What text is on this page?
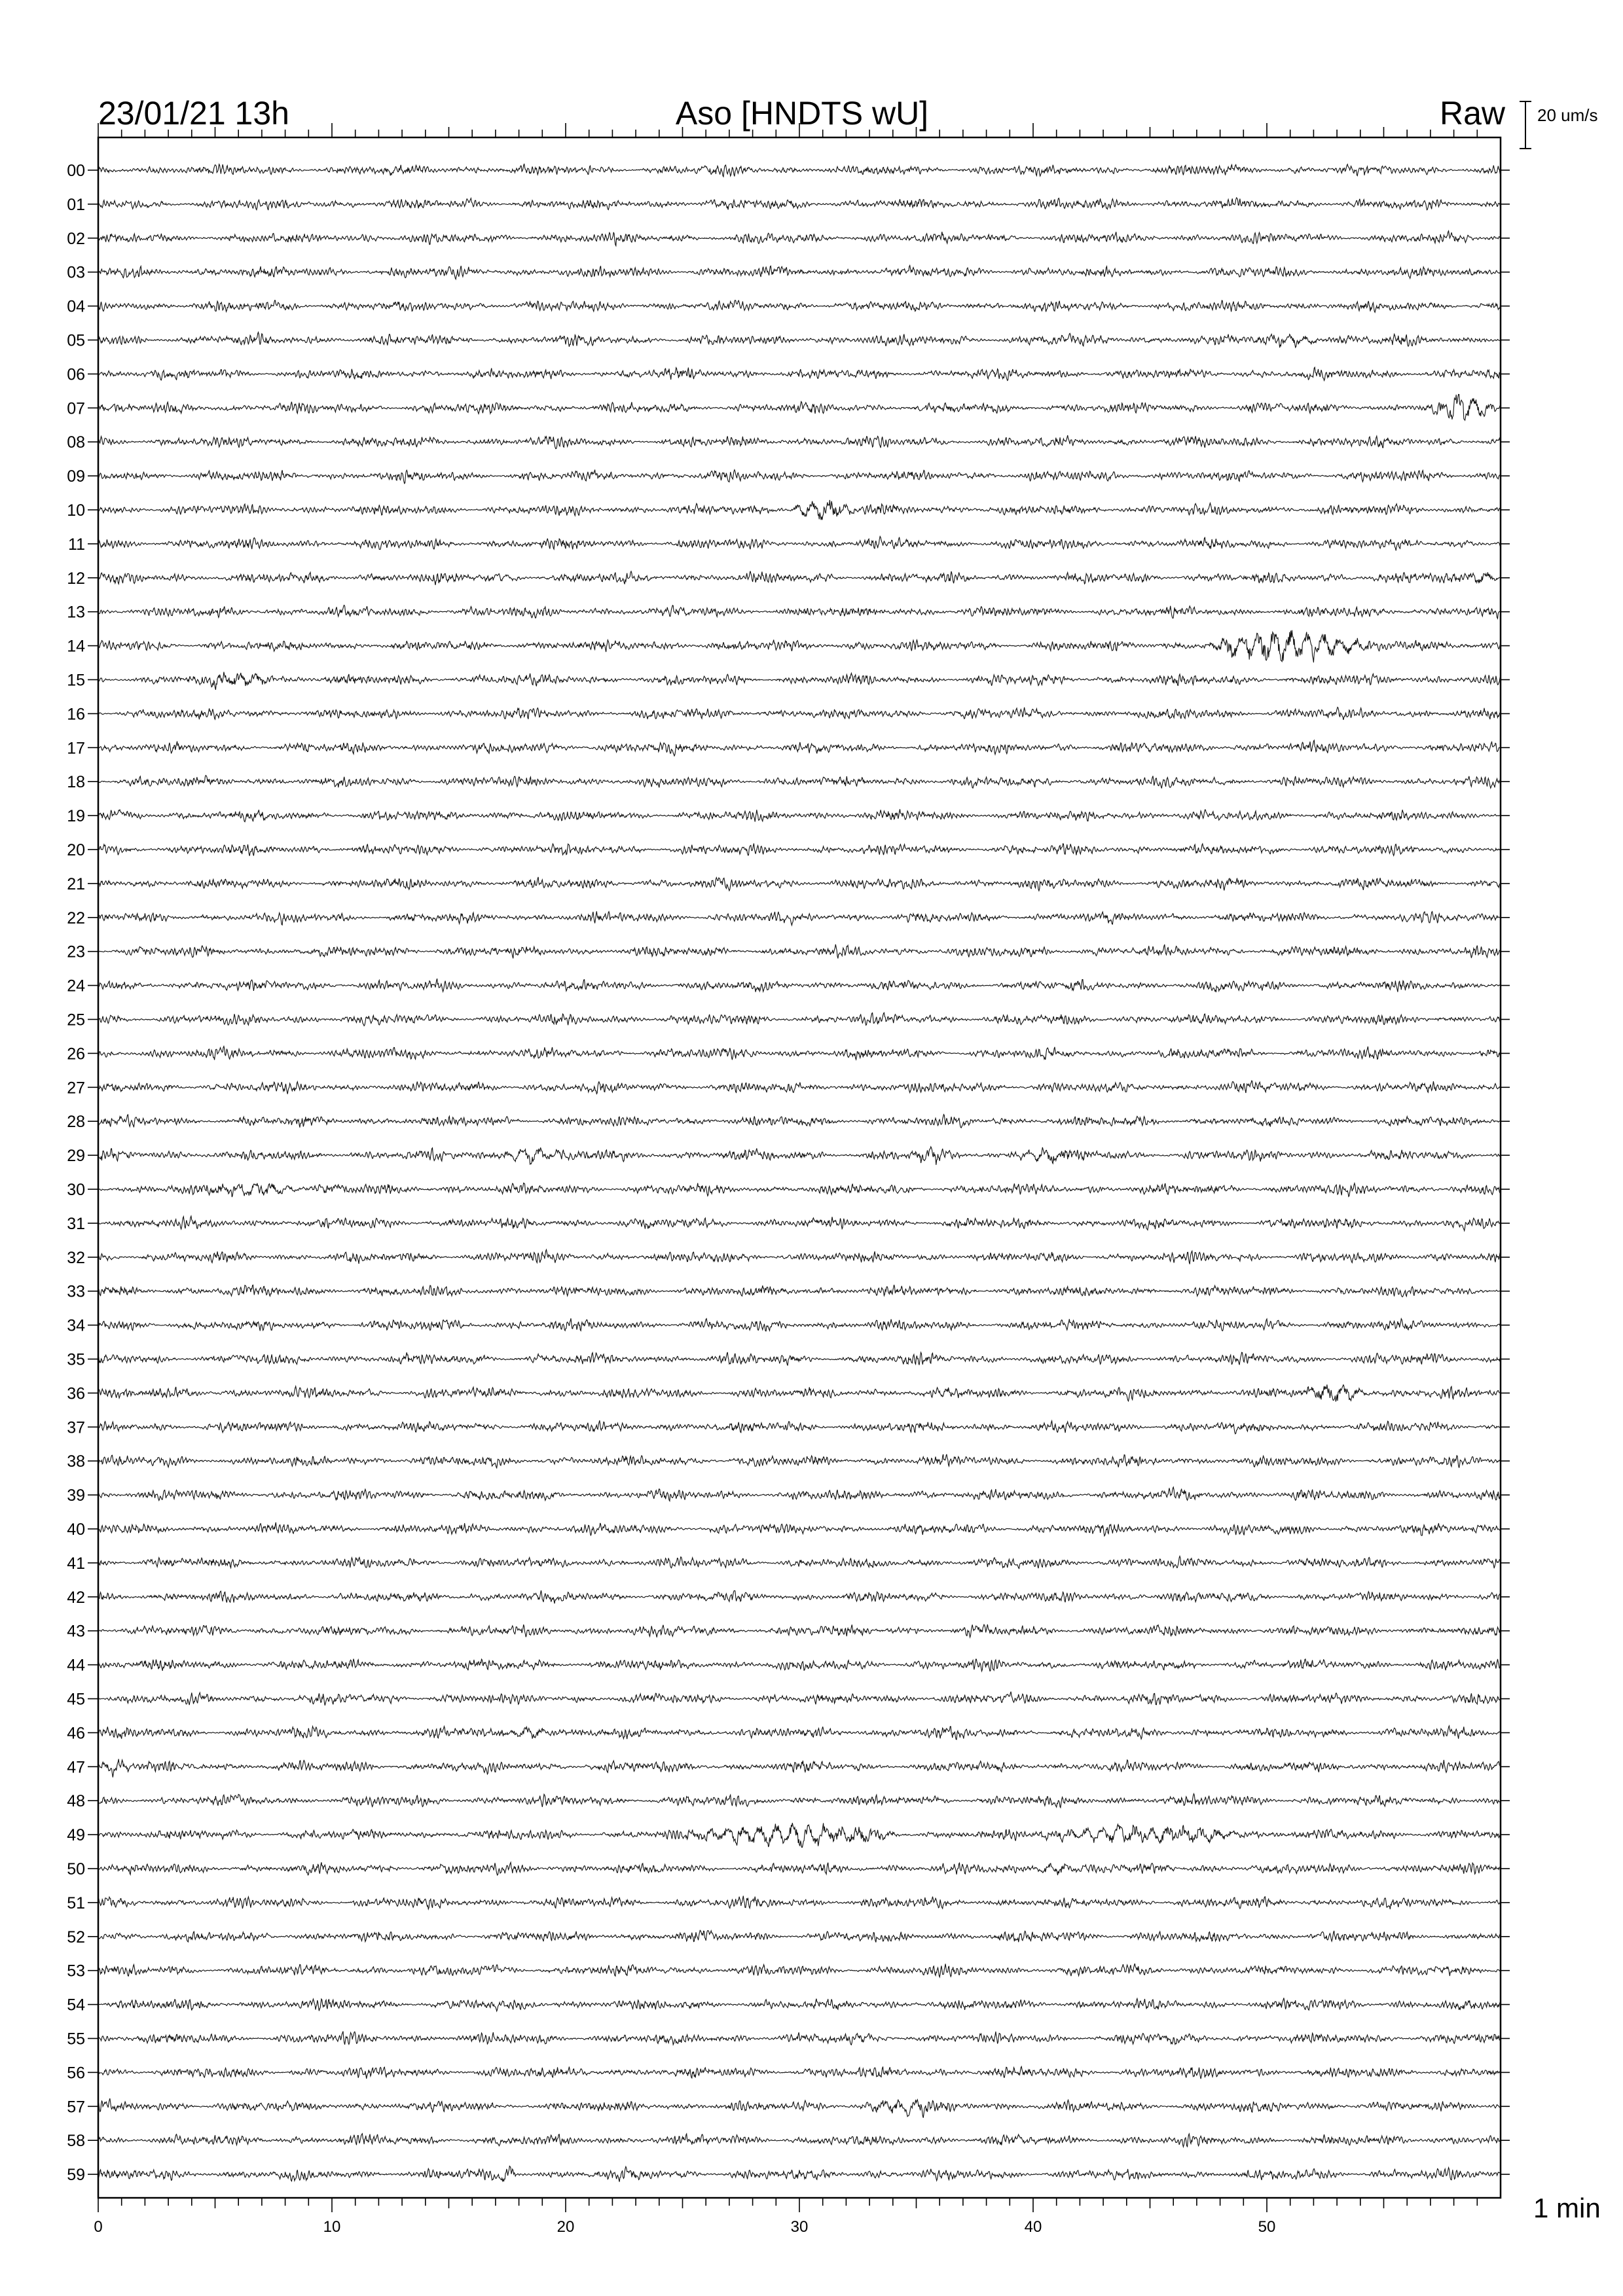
00
01
02
03
04
05
06
07
08
09
10
11
12
13
14
15
16
17
18
19
20
21
22
23
24
25
26
27
28
29
30
31
32
33
34
35
36
37
38
39
40
41
42
43
44
45
46
47
48
49
50
51
52
53
54
55
56
57
58
59
0	10	20	30	40	50
23/01/21 13h	Aso [HNDTS wU]	Raw 20 um/s
1 min
